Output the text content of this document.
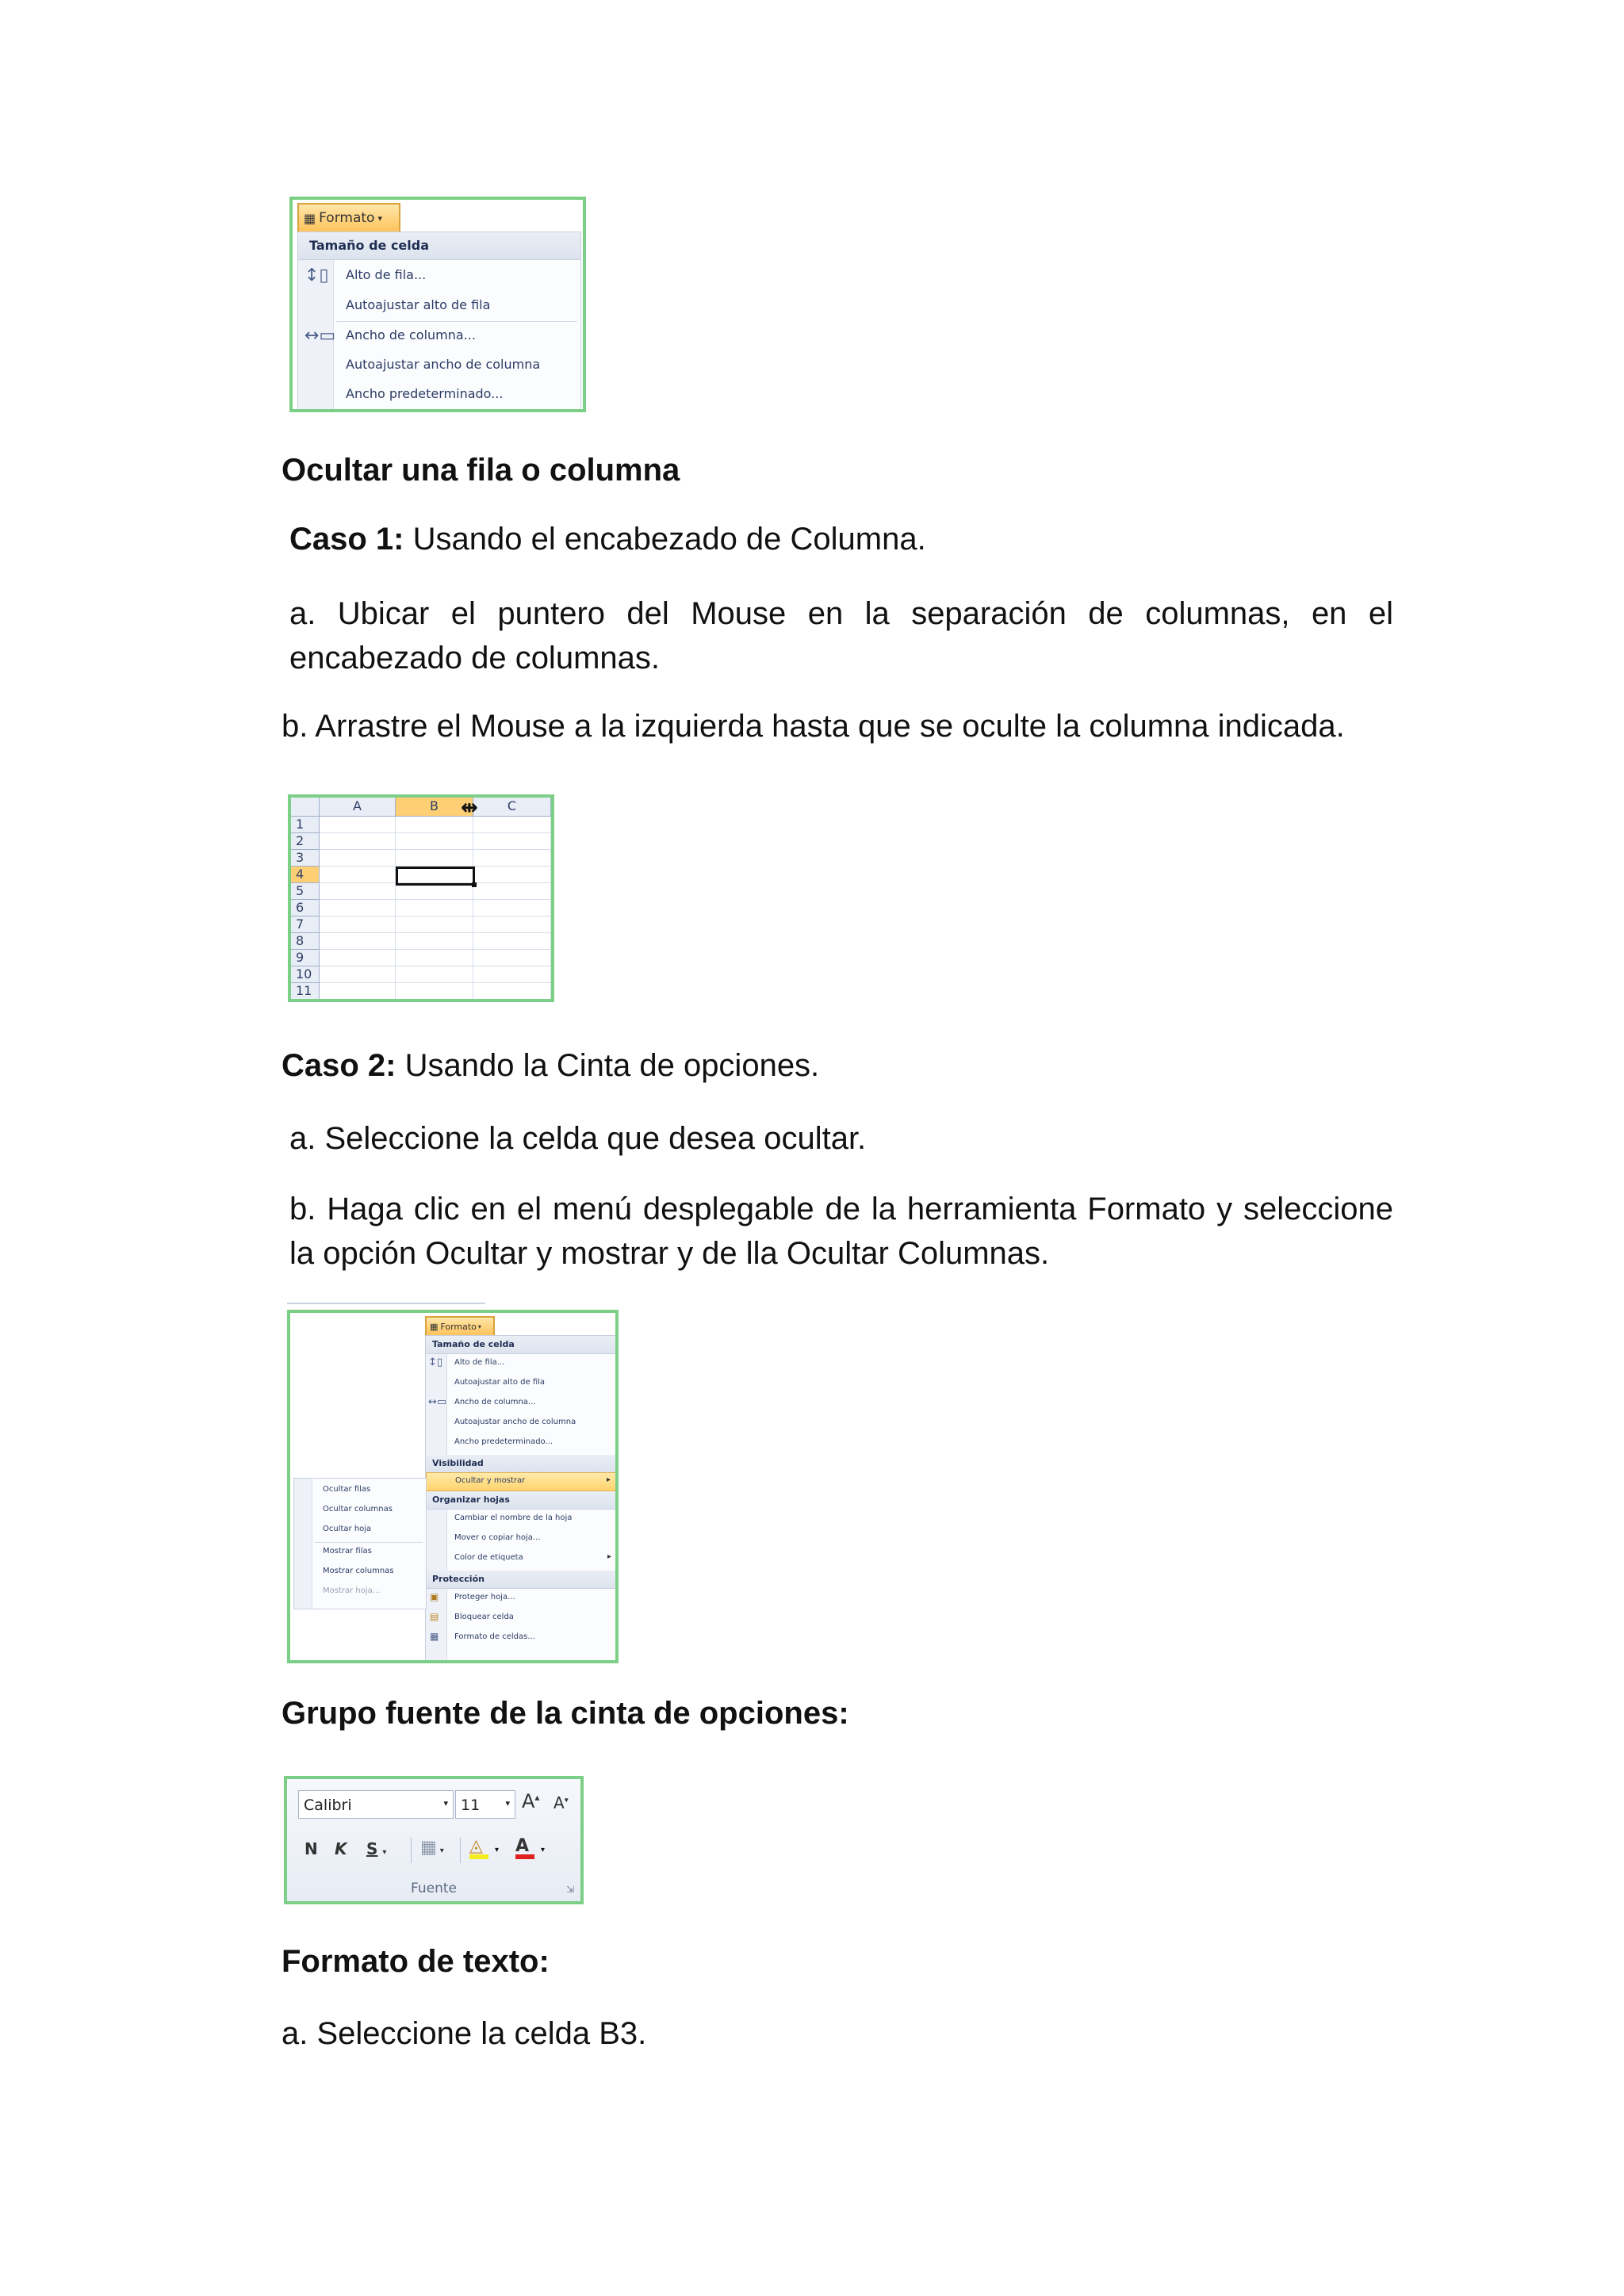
▦ Formato ▾
Tamaño de celda
↕▯ Alto de fila...
Autoajustar alto de fila
↔▭ Ancho de columna...
Autoajustar ancho de columna
Ancho predeterminado...

Ocultar una fila o columna

Caso 1: Usando el encabezado de Columna.

a. Ubicar el puntero del Mouse en la separación de columnas, en el encabezado de columnas.

b. Arrastre el Mouse a la izquierda hasta que se oculte la columna indicada.

A	B	C
⇹
1
2
3
4
5
6
7
8
9
10
11

Caso 2: Usando la Cinta de opciones.

a. Seleccione la celda que desea ocultar.

b. Haga clic en el menú desplegable de la herramienta Formato y seleccione la opción Ocultar y mostrar y de lla Ocultar Columnas.

▦ Formato ▾
Tamaño de celda
↕▯ Alto de fila...
Autoajustar alto de fila
↔▭ Ancho de columna...
Autoajustar ancho de columna
Ancho predeterminado...
Visibilidad
Ocultar y mostrar	▸
Organizar hojas
Cambiar el nombre de la hoja
Mover o copiar hoja...
Color de etiqueta	▸
Protección
▣ Proteger hoja...
▤ Bloquear celda
▦ Formato de celdas...
Ocultar filas
Ocultar columnas
Ocultar hoja
Mostrar filas
Mostrar columnas
Mostrar hoja...

Grupo fuente de la cinta de opciones:

Calibri	▾ 11	▾ A▴ A▾
N K S ▾ ▦ ▾ ◬	▾ A	▾
Fuente	⇲

Formato de texto:

a. Seleccione la celda B3.
